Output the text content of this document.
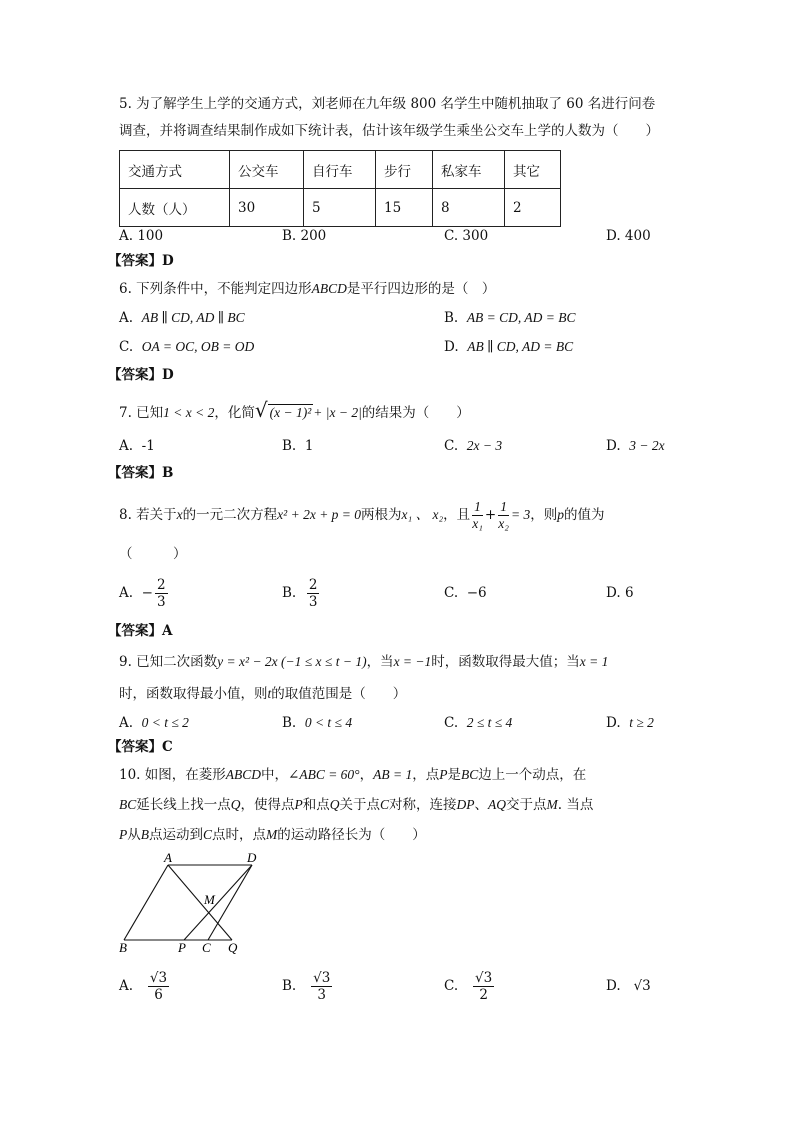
5. 为了解学生上学的交通方式，刘老师在九年级 800 名学生中随机抽取了 60 名进行问卷
调查，并将调查结果制作成如下统计表，估计该年级学生乘坐公交车上学的人数为（　　）
交通方式	公交车	自行车	步行	私家车	其它
人数（人）	30	5	15	8	2
A. 100	B. 200	C. 300	D. 400
【答案】D
6. 下列条件中，不能判定四边形ABCD是平行四边形的是（　）
A. AB ∥ CD, AD ∥ BC	B. AB = CD, AD = BC
C. OA = OC, OB = OD	D. AB ∥ CD, AD = BC
【答案】D
7. 已知1 < x < 2，化简√ (x − 1)² + |x − 2|的结果为（　　）
A. -1	B. 1	C. 2x − 3	D. 3 − 2x
【答案】B
8. 若关于x的一元二次方程x² + 2x + p = 0两根为x₁ 、 x₂，且 $\frac{1}{\text{x₁}} + \frac{1}{\text{x₂}} = 3$，则p的值为
（　　　）
A. − $\frac{2}{3}$	B. $\frac{2}{3}$	C. −6	D. 6
【答案】A
9. 已知二次函数y = x² − 2x (−1 ≤ x ≤ t − 1)，当x = −1时，函数取得最大值；当x = 1
时，函数取得最小值，则t的取值范围是（　　）
A. 0 < t ≤ 2	B. 0 < t ≤ 4	C. 2 ≤ t ≤ 4	D. t ≥ 2
【答案】C
10. 如图，在菱形ABCD中，∠ABC = 60°，AB = 1，点P是BC边上一个动点，在
BC延长线上找一点Q，使得点P和点Q关于点C对称，连接DP、AQ交于点M. 当点
P从B点运动到C点时，点M的运动路径长为（　　）
A	D
M
B	P C Q
A. $\frac{√3}{6}$	B. $\frac{√3}{3}$	C. $\frac{√3}{2}$	D. √3
